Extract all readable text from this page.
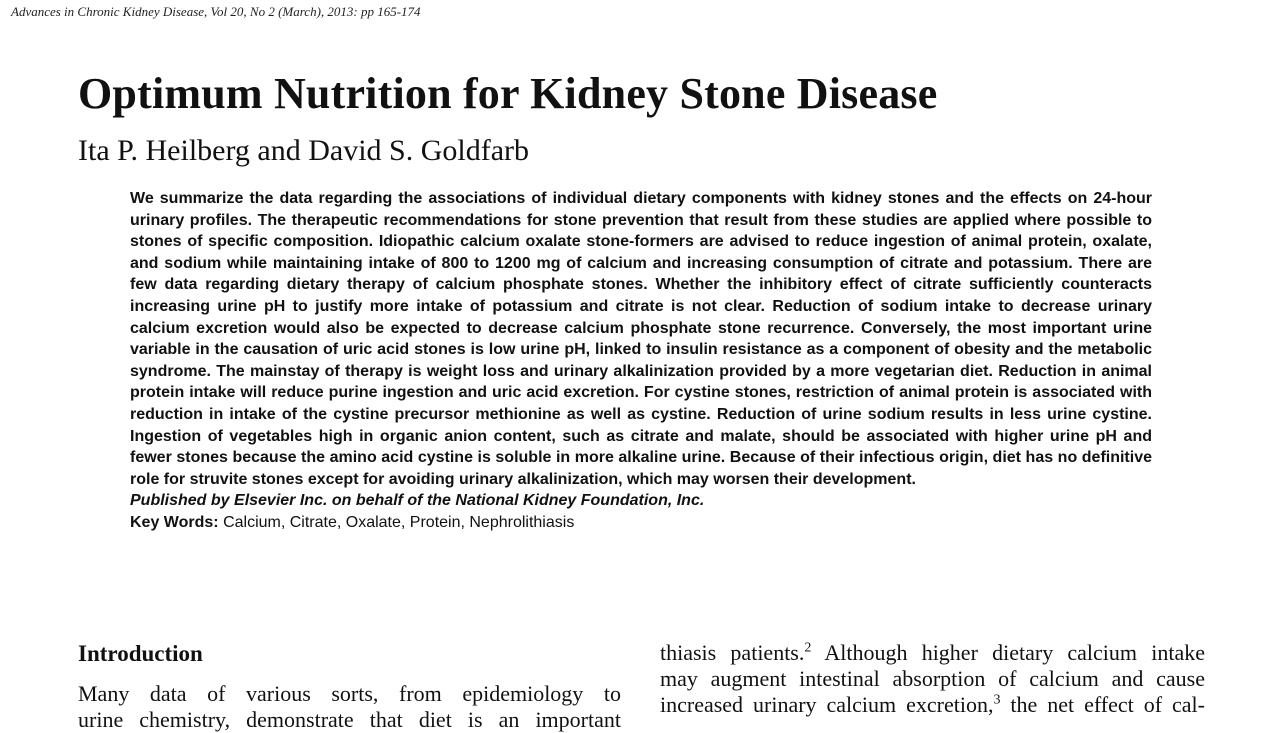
Advances in Chronic Kidney Disease, Vol 20, No 2 (March), 2013: pp 165-174
Optimum Nutrition for Kidney Stone Disease
Ita P. Heilberg and David S. Goldfarb

We summarize the data regarding the associations of individual dietary components with kidney stones and the effects on 24-hour urinary profiles. The therapeutic recommendations for stone prevention that result from these studies are applied where possible to stones of specific composition. Idiopathic calcium oxalate stone-formers are advised to reduce ingestion of animal protein, oxalate, and sodium while maintaining intake of 800 to 1200 mg of calcium and increasing consumption of citrate and potassium. There are few data regarding dietary therapy of calcium phosphate stones. Whether the inhibitory effect of citrate sufficiently counteracts increasing urine pH to justify more intake of potassium and citrate is not clear. Reduction of sodium intake to decrease urinary calcium excretion would also be expected to decrease calcium phosphate stone recurrence. Conversely, the most important urine variable in the causation of uric acid stones is low urine pH, linked to insulin resistance as a component of obesity and the metabolic syndrome. The mainstay of therapy is weight loss and urinary alkalinization provided by a more vegetarian diet. Reduction in animal protein intake will reduce purine ingestion and uric acid excretion. For cystine stones, restriction of animal protein is associated with reduction in intake of the cystine precursor methionine as well as cystine. Reduction of urine sodium results in less urine cystine. Ingestion of vegetables high in organic anion content, such as citrate and malate, should be associated with higher urine pH and fewer stones because the amino acid cystine is soluble in more alkaline urine. Because of their infectious origin, diet has no definitive role for struvite stones except for avoiding urinary alkalinization, which may worsen their development.

Published by Elsevier Inc. on behalf of the National Kidney Foundation, Inc.

Key Words: Calcium, Citrate, Oxalate, Protein, Nephrolithiasis

Introduction
Many data of various sorts, from epidemiology to
urine chemistry, demonstrate that diet is an important
thiasis patients.$^2$ Although higher dietary calcium intake
may augment intestinal absorption of calcium and cause
increased urinary calcium excretion,$^3$ the net effect of cal-
